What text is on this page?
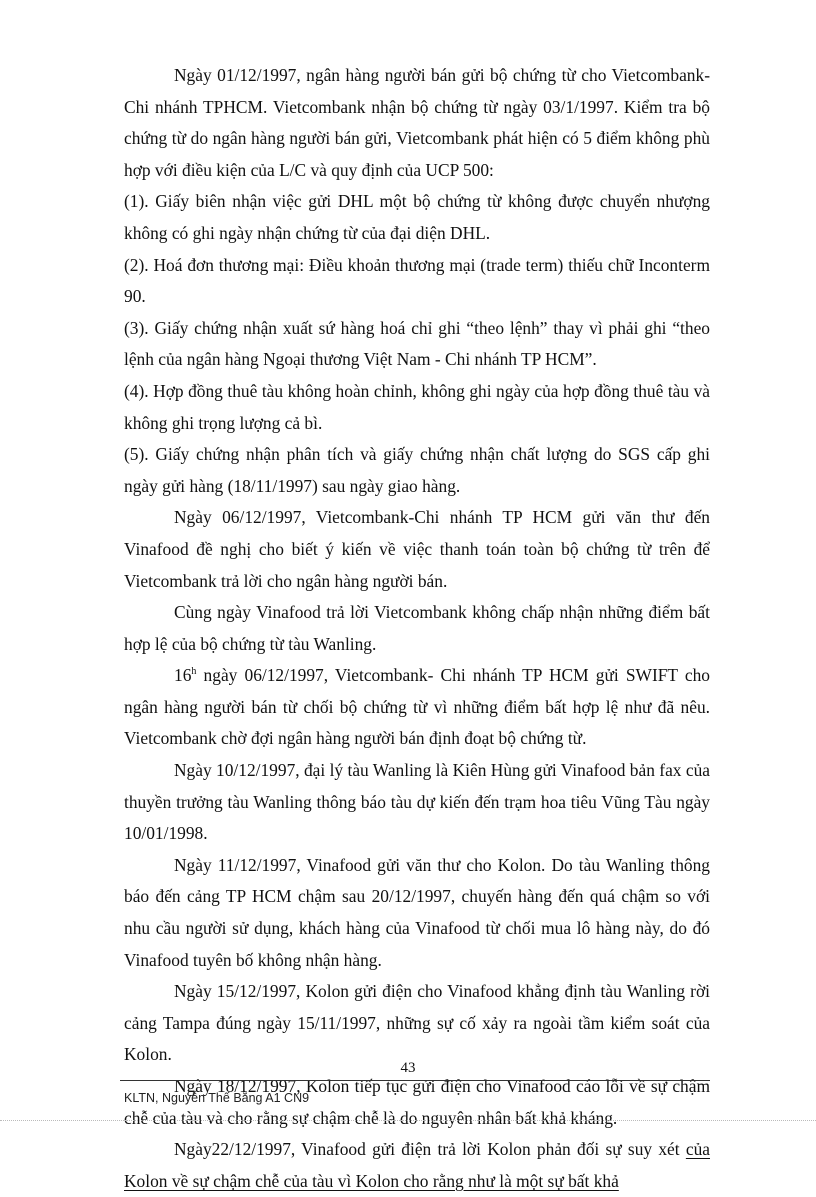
Ngày 01/12/1997, ngân hàng người bán gửi bộ chứng từ cho Vietcombank-Chi nhánh TPHCM. Vietcombank nhận bộ chứng từ ngày 03/1/1997. Kiểm tra bộ chứng từ do ngân hàng người bán gửi, Vietcombank phát hiện có 5 điểm không phù hợp với điều kiện của L/C và quy định của UCP 500:

(1). Giấy biên nhận việc gửi DHL một bộ chứng từ không được chuyển nhượng không có ghi ngày nhận chứng từ của đại diện DHL.

(2). Hoá đơn thương mại: Điều khoản thương mại (trade term) thiếu chữ Inconterm 90.

(3). Giấy chứng nhận xuất sứ hàng hoá chỉ ghi “theo lệnh” thay vì phải ghi “theo lệnh của ngân hàng Ngoại thương Việt Nam - Chi nhánh TP HCM”.

(4). Hợp đồng thuê tàu không hoàn chỉnh, không ghi ngày của hợp đồng thuê tàu và không ghi trọng lượng cả bì.

(5). Giấy chứng nhận phân tích và giấy chứng nhận chất lượng do SGS cấp ghi ngày gửi hàng (18/11/1997) sau ngày giao hàng.

Ngày 06/12/1997, Vietcombank-Chi nhánh TP HCM gửi văn thư đến Vinafood đề nghị cho biết ý kiến về việc thanh toán toàn bộ chứng từ trên để Vietcombank trả lời cho ngân hàng người bán.

Cùng ngày Vinafood trả lời Vietcombank không chấp nhận những điểm bất hợp lệ của bộ chứng từ tàu Wanling.

16$^h$ ngày 06/12/1997, Vietcombank- Chi nhánh TP HCM gửi SWIFT cho ngân hàng người bán từ chối bộ chứng từ vì những điểm bất hợp lệ như đã nêu. Vietcombank chờ đợi ngân hàng người bán định đoạt bộ chứng từ.

Ngày 10/12/1997, đại lý tàu Wanling là Kiên Hùng gửi Vinafood bản fax của thuyền trưởng tàu Wanling thông báo tàu dự kiến đến trạm hoa tiêu Vũng Tàu ngày 10/01/1998.

Ngày 11/12/1997, Vinafood gửi văn thư cho Kolon. Do tàu Wanling thông báo đến cảng TP HCM chậm sau 20/12/1997, chuyến hàng đến quá chậm so với nhu cầu người sử dụng, khách hàng của Vinafood từ chối mua lô hàng này, do đó Vinafood tuyên bố không nhận hàng.

Ngày 15/12/1997, Kolon gửi điện cho Vinafood khẳng định tàu Wanling rời cảng Tampa đúng ngày 15/11/1997, những sự cố xảy ra ngoài tầm kiểm soát của Kolon.

Ngày 18/12/1997, Kolon tiếp tục gửi điện cho Vinafood cáo lỗi về sự chậm chễ của tàu và cho rằng sự chậm chễ là do nguyên nhân bất khả kháng.

Ngày22/12/1997, Vinafood gửi điện trả lời Kolon phản đối sự suy xét của Kolon về sự chậm chễ của tàu vì Kolon cho rằng như là một sự bất khả

43
KLTN, Nguyễn Thế Bằng A1 CN9
